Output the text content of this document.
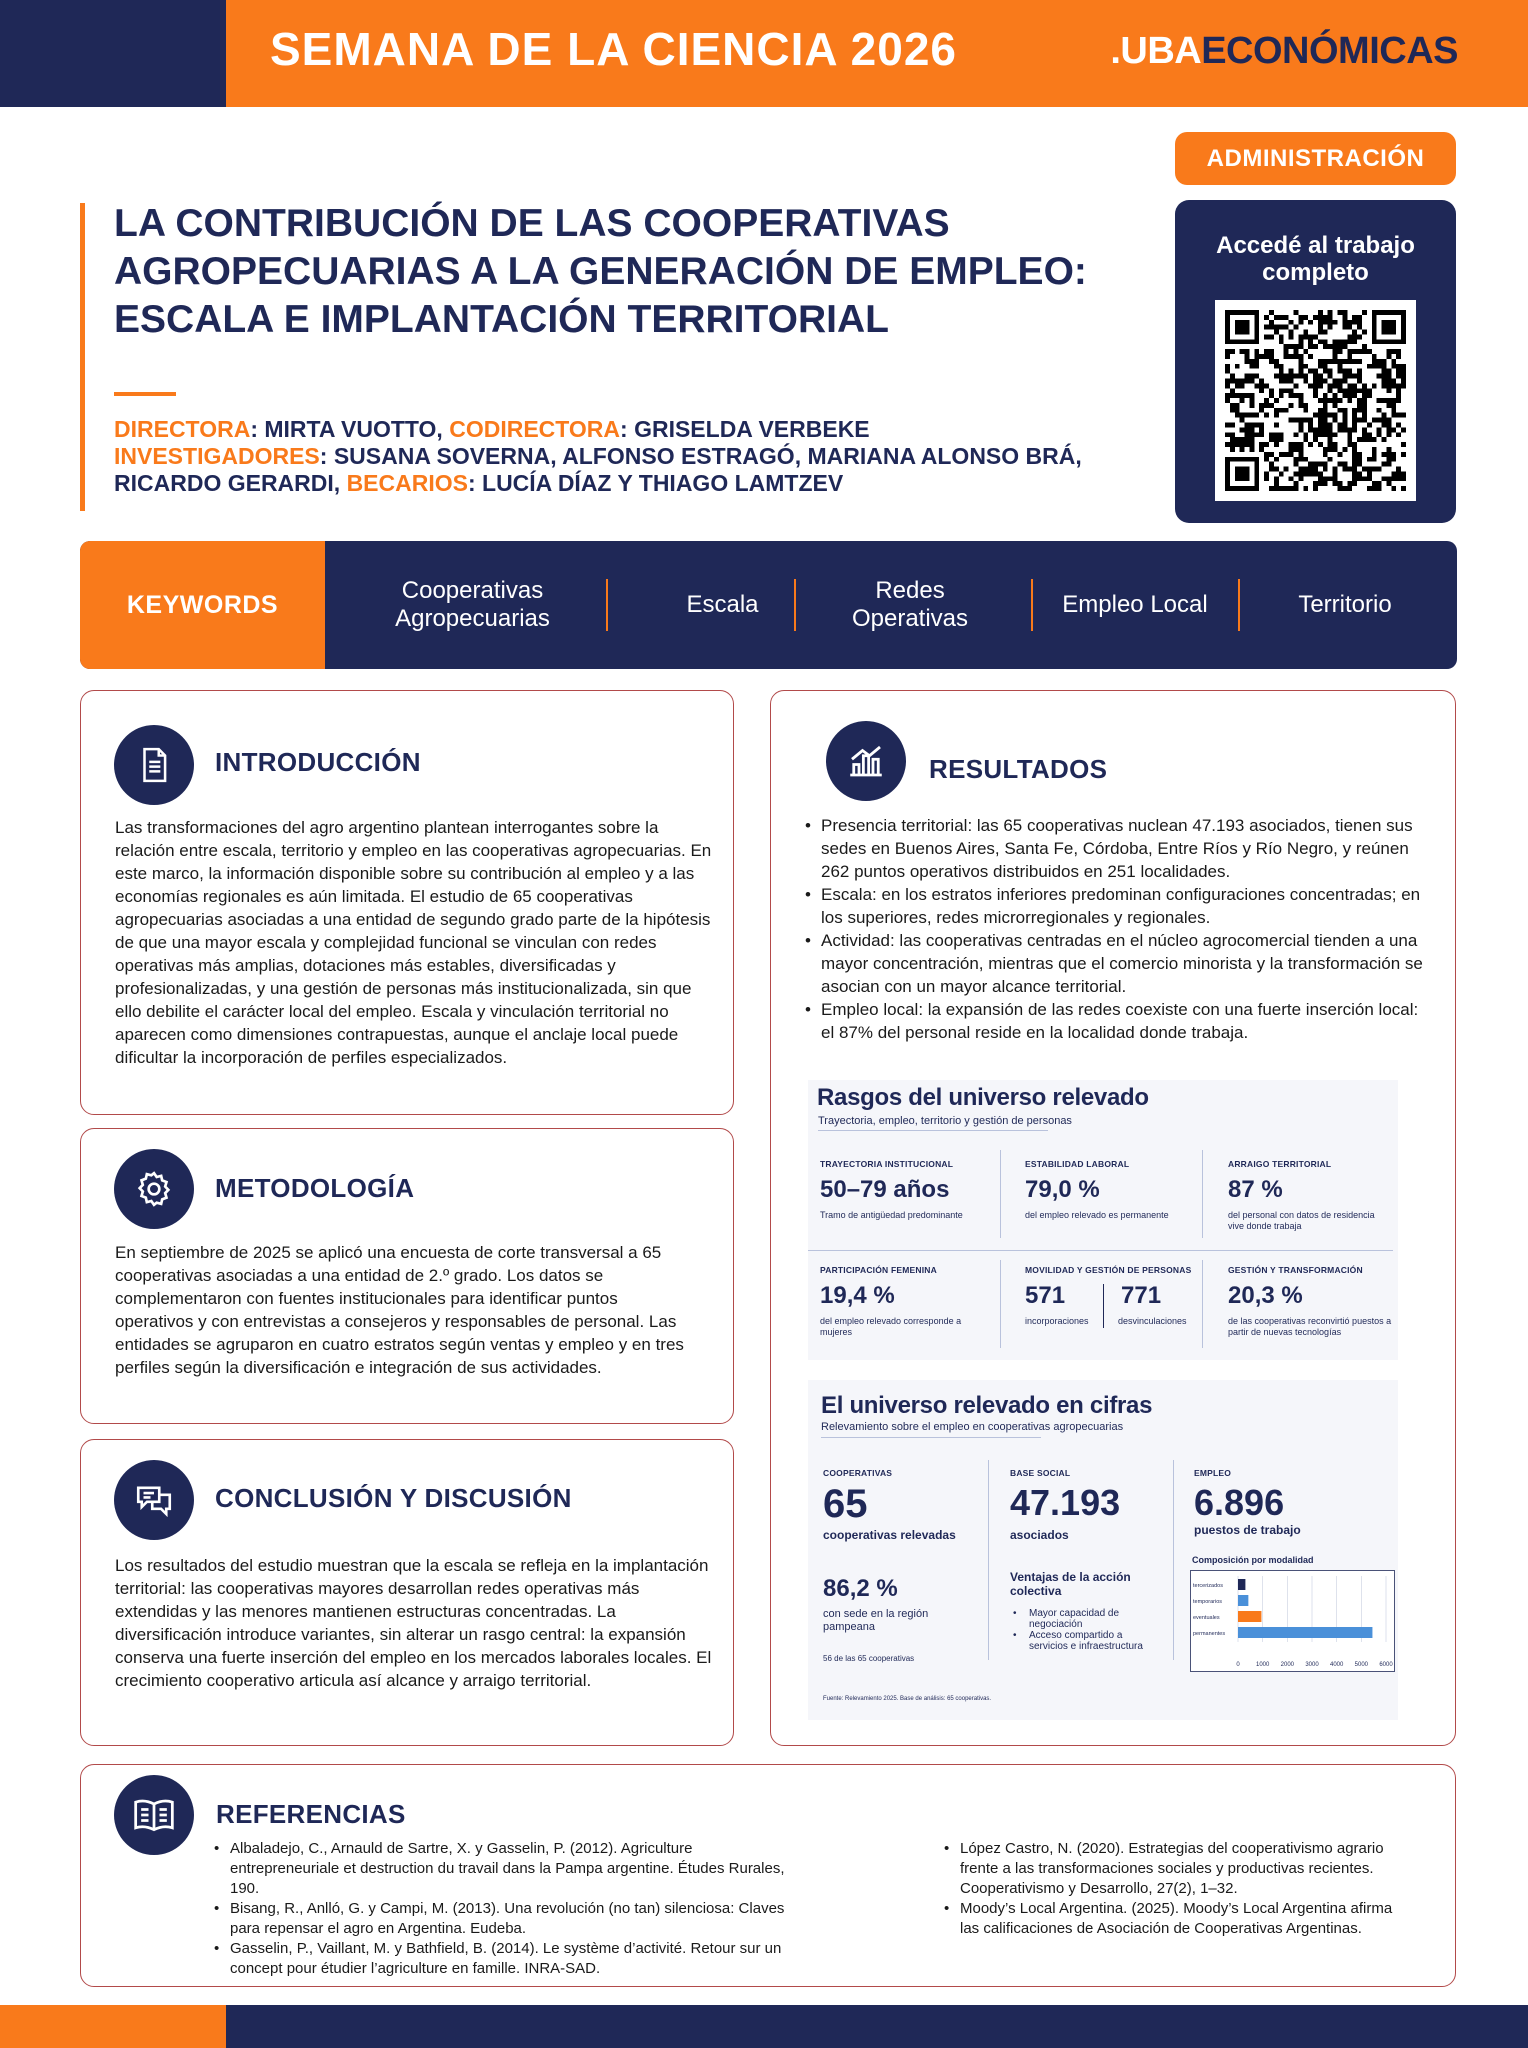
SEMANA DE LA CIENCIA 2026	.UBAECONÓMICAS
LA CONTRIBUCIÓN DE LAS COOPERATIVAS AGROPECUARIAS A LA GENERACIÓN DE EMPLEO: ESCALA E IMPLANTACIÓN TERRITORIAL
DIRECTORA: MIRTA VUOTTO, CODIRECTORA: GRISELDA VERBEKE
INVESTIGADORES: SUSANA SOVERNA, ALFONSO ESTRAGÓ, MARIANA ALONSO BRÁ, RICARDO GERARDI, BECARIOS: LUCÍA DÍAZ Y THIAGO LAMTZEV
ADMINISTRACIÓN
Accedé al trabajo completo
KEYWORDS	Cooperativas Agropecuarias
Escala
Redes Operativas
Empleo Local	Territorio
INTRODUCCIÓN
Las transformaciones del agro argentino plantean interrogantes sobre la relación entre escala, territorio y empleo en las cooperativas agropecuarias. En este marco, la información disponible sobre su contribución al empleo y a las economías regionales es aún limitada. El estudio de 65 cooperativas agropecuarias asociadas a una entidad de segundo grado parte de la hipótesis de que una mayor escala y complejidad funcional se vinculan con redes operativas más amplias, dotaciones más estables, diversificadas y profesionalizadas, y una gestión de personas más institucionalizada, sin que ello debilite el carácter local del empleo. Escala y vinculación territorial no aparecen como dimensiones contrapuestas, aunque el anclaje local puede dificultar la incorporación de perfiles especializados.
METODOLOGÍA
En septiembre de 2025 se aplicó una encuesta de corte transversal a 65 cooperativas asociadas a una entidad de 2.º grado. Los datos se complementaron con fuentes institucionales para identificar puntos operativos y con entrevistas a consejeros y responsables de personal. Las entidades se agruparon en cuatro estratos según ventas y empleo y en tres perfiles según la diversificación e integración de sus actividades.
CONCLUSIÓN Y DISCUSIÓN
Los resultados del estudio muestran que la escala se refleja en la implantación territorial: las cooperativas mayores desarrollan redes operativas más extendidas y las menores mantienen estructuras concentradas. La diversificación introduce variantes, sin alterar un rasgo central: la expansión conserva una fuerte inserción del empleo en los mercados laborales locales. El crecimiento cooperativo articula así alcance y arraigo territorial.
RESULTADOS
• Presencia territorial: las 65 cooperativas nuclean 47.193 asociados, tienen sus sedes en Buenos Aires, Santa Fe, Córdoba, Entre Ríos y Río Negro, y reúnen 262 puntos operativos distribuidos en 251 localidades.
• Escala: en los estratos inferiores predominan configuraciones concentradas; en los superiores, redes microrregionales y regionales.
• Actividad: las cooperativas centradas en el núcleo agrocomercial tienden a una mayor concentración, mientras que el comercio minorista y la transformación se asocian con un mayor alcance territorial.
• Empleo local: la expansión de las redes coexiste con una fuerte inserción local: el 87% del personal reside en la localidad donde trabaja.
Rasgos del universo relevado
Trayectoria, empleo, territorio y gestión de personas
TRAYECTORIA INSTITUCIONAL
50–79 años
Tramo de antigüedad predominante
ESTABILIDAD LABORAL
79,0 %
del empleo relevado es permanente
ARRAIGO TERRITORIAL
87 %
del personal con datos de residencia vive donde trabaja
PARTICIPACIÓN FEMENINA
19,4 %
del empleo relevado corresponde a mujeres
MOVILIDAD Y GESTIÓN DE PERSONAS
571
incorporaciones
771
desvinculaciones
GESTIÓN Y TRANSFORMACIÓN
20,3 %
de las cooperativas reconvirtió puestos a partir de nuevas tecnologías
El universo relevado en cifras
Relevamiento sobre el empleo en cooperativas agropecuarias
COOPERATIVAS
65
cooperativas relevadas
86,2 %
con sede en la región pampeana
56 de las 65 cooperativas
BASE SOCIAL
47.193
asociados
Ventajas de la acción colectiva
• Mayor capacidad de negociación
• Acceso compartido a servicios e infraestructura
EMPLEO
6.896
puestos de trabajo
Composición por modalidad
tercerizados
temporarios
eventuales
permanentes
0	1000 2000 3000 4000 5000 6000
Fuente: Relevamiento 2025. Base de análisis: 65 cooperativas.
REFERENCIAS
• Albaladejo, C., Arnauld de Sartre, X. y Gasselin, P. (2012). Agriculture entrepreneuriale et destruction du travail dans la Pampa argentine. Études Rurales, 190.
• Bisang, R., Anlló, G. y Campi, M. (2013). Una revolución (no tan) silenciosa: Claves para repensar el agro en Argentina. Eudeba.
• Gasselin, P., Vaillant, M. y Bathfield, B. (2014). Le système d’activité. Retour sur un concept pour étudier l’agriculture en famille. INRA-SAD.
• López Castro, N. (2020). Estrategias del cooperativismo agrario frente a las transformaciones sociales y productivas recientes. Cooperativismo y Desarrollo, 27(2), 1–32.
• Moody’s Local Argentina. (2025). Moody’s Local Argentina afirma las calificaciones de Asociación de Cooperativas Argentinas.
